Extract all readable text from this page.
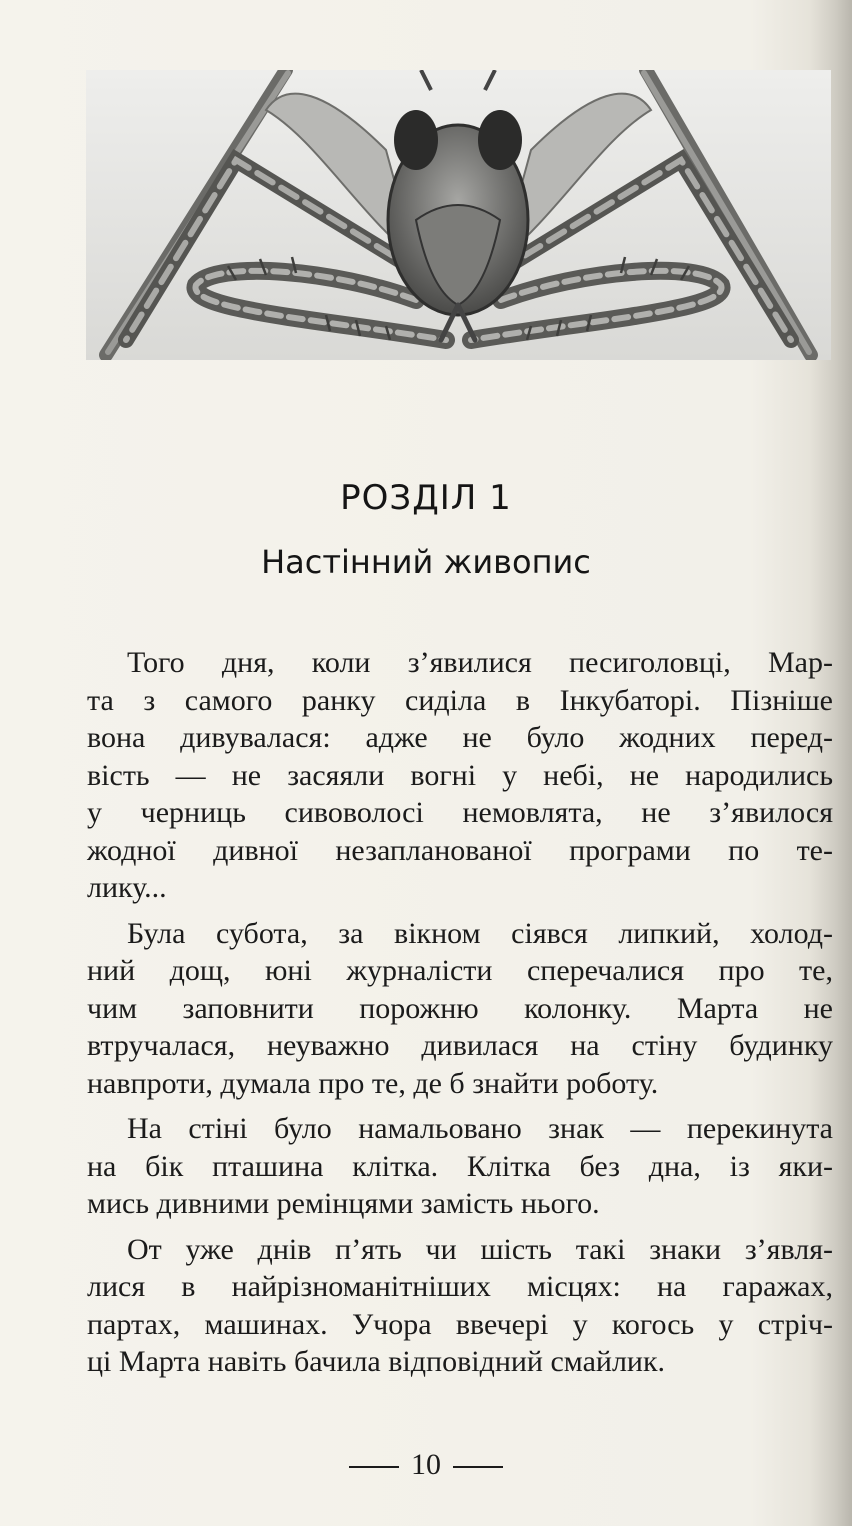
РОЗДІЛ 1
Настінний живопис

Того дня, коли з’явилися песиголовці, Мар-
та з самого ранку сиділа в Інкубаторі. Пізніше
вона дивувалася: адже не було жодних перед-
вість — не засяяли вогні у небі, не народились
у черниць сивоволосі немовлята, не з’явилося
жодної дивної незапланованої програми по те-
лику...

Була субота, за вікном сіявся липкий, холод-
ний дощ, юні журналісти сперечалися про те,
чим заповнити порожню колонку. Марта не
втручалася, неуважно дивилася на стіну будинку
навпроти, думала про те, де б знайти роботу.

На стіні було намальовано знак — перекинута
на бік пташина клітка. Клітка без дна, із яки-
мись дивними ремінцями замість нього.

От уже днів п’ять чи шість такі знаки з’явля-
лися в найрізноманітніших місцях: на гаражах,
партах, машинах. Учора ввечері у когось у стріч-
ці Марта навіть бачила відповідний смайлик.

10
